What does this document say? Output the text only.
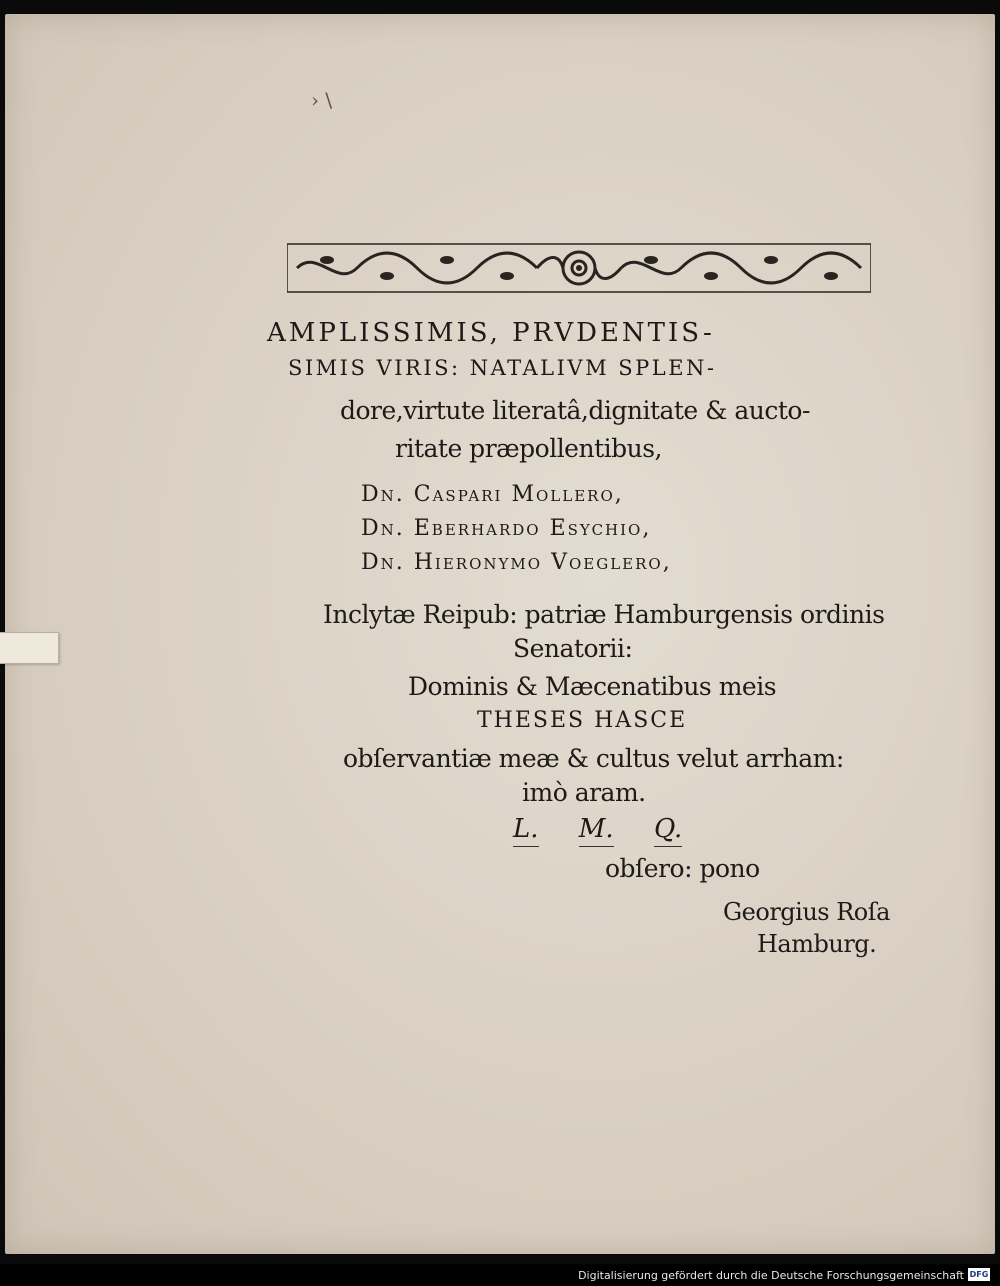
› \
AMPLISSIMIS, PRVDENTIS-
SIMIS VIRIS: NATALIVM SPLEN-
dore,virtute literatâ,dignitate & aucto-
ritate præpollentibus,
Dn. Caspari Mollero,
Dn. Eberhardo Esychio,
Dn. Hieronymo Voeglero,
Inclytæ Reipub: patriæ Hamburgensis ordinis
Senatorii:
Dominis & Mæcenatibus meis
THESES HASCE
obſervantiæ meæ & cultus velut arrham:
imò aram.
L. M. Q.
obſero: pono
Georgius Roſa
Hamburg.
Digitalisierung gefördert durch die Deutsche Forschungsgemeinschaft DFG
